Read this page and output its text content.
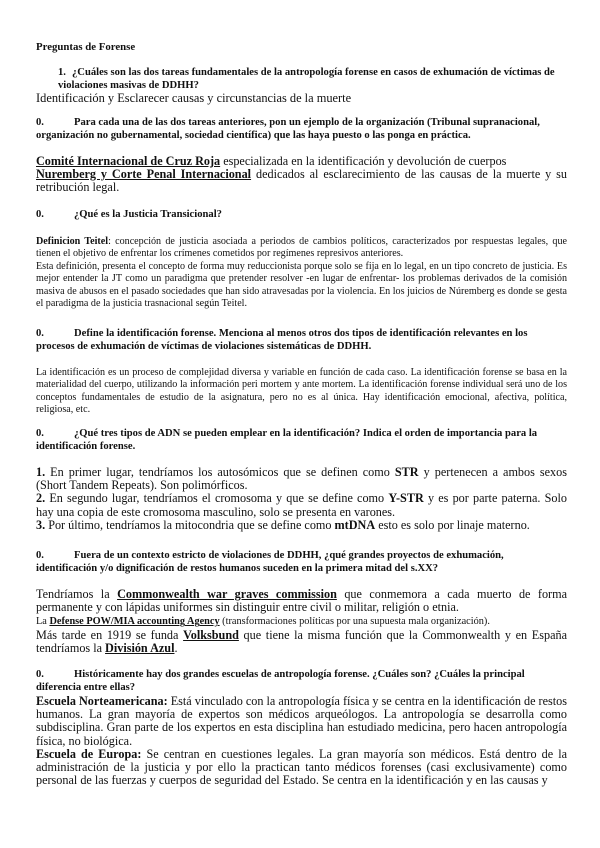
Preguntas de Forense
1. ¿Cuáles son las dos tareas fundamentales de la antropología forense en casos de exhumación de víctimas de violaciones masivas de DDHH?
Identificación y Esclarecer causas y circunstancias de la muerte
0.	Para cada una de las dos tareas anteriores, pon un ejemplo de la organización (Tribunal supranacional, organización no gubernamental, sociedad científica) que las haya puesto o las ponga en práctica.
Comité Internacional de Cruz Roja especializada en la identificación y devolución de cuerpos
Nuremberg y Corte Penal Internacional dedicados al esclarecimiento de las causas de la muerte y su retribución legal.
0.	¿Qué es la Justicia Transicional?
Definicion Teitel: concepción de justicia asociada a periodos de cambios políticos, caracterizados por respuestas legales, que tienen el objetivo de enfrentar los crímenes cometidos por regímenes represivos anteriores.
Esta definición, presenta el concepto de forma muy reduccionista porque solo se fija en lo legal, en un tipo concreto de justicia. Es mejor entender la JT como un paradigma que pretender resolver -en lugar de enfrentar- los problemas derivados de la comisión masiva de abusos en el pasado sociedades que han sido atravesadas por la violencia. En los juicios de Núremberg es donde se gesta el paradigma de la justicia trasnacional según Teitel.
0.	Define la identificación forense. Menciona al menos otros dos tipos de identificación relevantes en los procesos de exhumación de víctimas de violaciones sistemáticas de DDHH.
La identificación es un proceso de complejidad diversa y variable en función de cada caso. La identificación forense se basa en la materialidad del cuerpo, utilizando la información peri mortem y ante mortem. La identificación forense individual será uno de los conceptos fundamentales de estudio de la asignatura, pero no es al única. Hay identificación emocional, afectiva, política, religiosa, etc.
0.	¿Qué tres tipos de ADN se pueden emplear en la identificación? Indica el orden de importancia para la identificación forense.
1. En primer lugar, tendríamos los autosómicos que se definen como STR y pertenecen a ambos sexos (Short Tandem Repeats). Son polimórficos.
2. En segundo lugar, tendríamos el cromosoma y que se define como Y-STR y es por parte paterna. Solo hay una copia de este cromosoma masculino, solo se presenta en varones.
3. Por último, tendríamos la mitocondria que se define como mtDNA esto es solo por linaje materno.
0.	Fuera de un contexto estricto de violaciones de DDHH, ¿qué grandes proyectos de exhumación, identificación y/o dignificación de restos humanos suceden en la primera mitad del s.XX?
Tendríamos la Commonwealth war graves commission que conmemora a cada muerto de forma permanente y con lápidas uniformes sin distinguir entre civil o militar, religión o etnia.
La Defense POW/MIA accounting Agency (transformaciones políticas por una supuesta mala organización).
Más tarde en 1919 se funda Volksbund que tiene la misma función que la Commonwealth y en España tendríamos la División Azul.
0.	Históricamente hay dos grandes escuelas de antropología forense. ¿Cuáles son? ¿Cuáles la principal diferencia entre ellas?
Escuela Norteamericana: Está vinculado con la antropología física y se centra en la identificación de restos humanos. La gran mayoría de expertos son médicos arqueólogos. La antropología se desarrolla como subdisciplina. Gran parte de los expertos en esta disciplina han estudiado medicina, pero hacen antropología física, no biológica.
Escuela de Europa: Se centran en cuestiones legales. La gran mayoría son médicos. Está dentro de la administración de la justicia y por ello la practican tanto médicos forenses (casi exclusivamente) como personal de las fuerzas y cuerpos de seguridad del Estado. Se centra en la identificación y en las causas y
